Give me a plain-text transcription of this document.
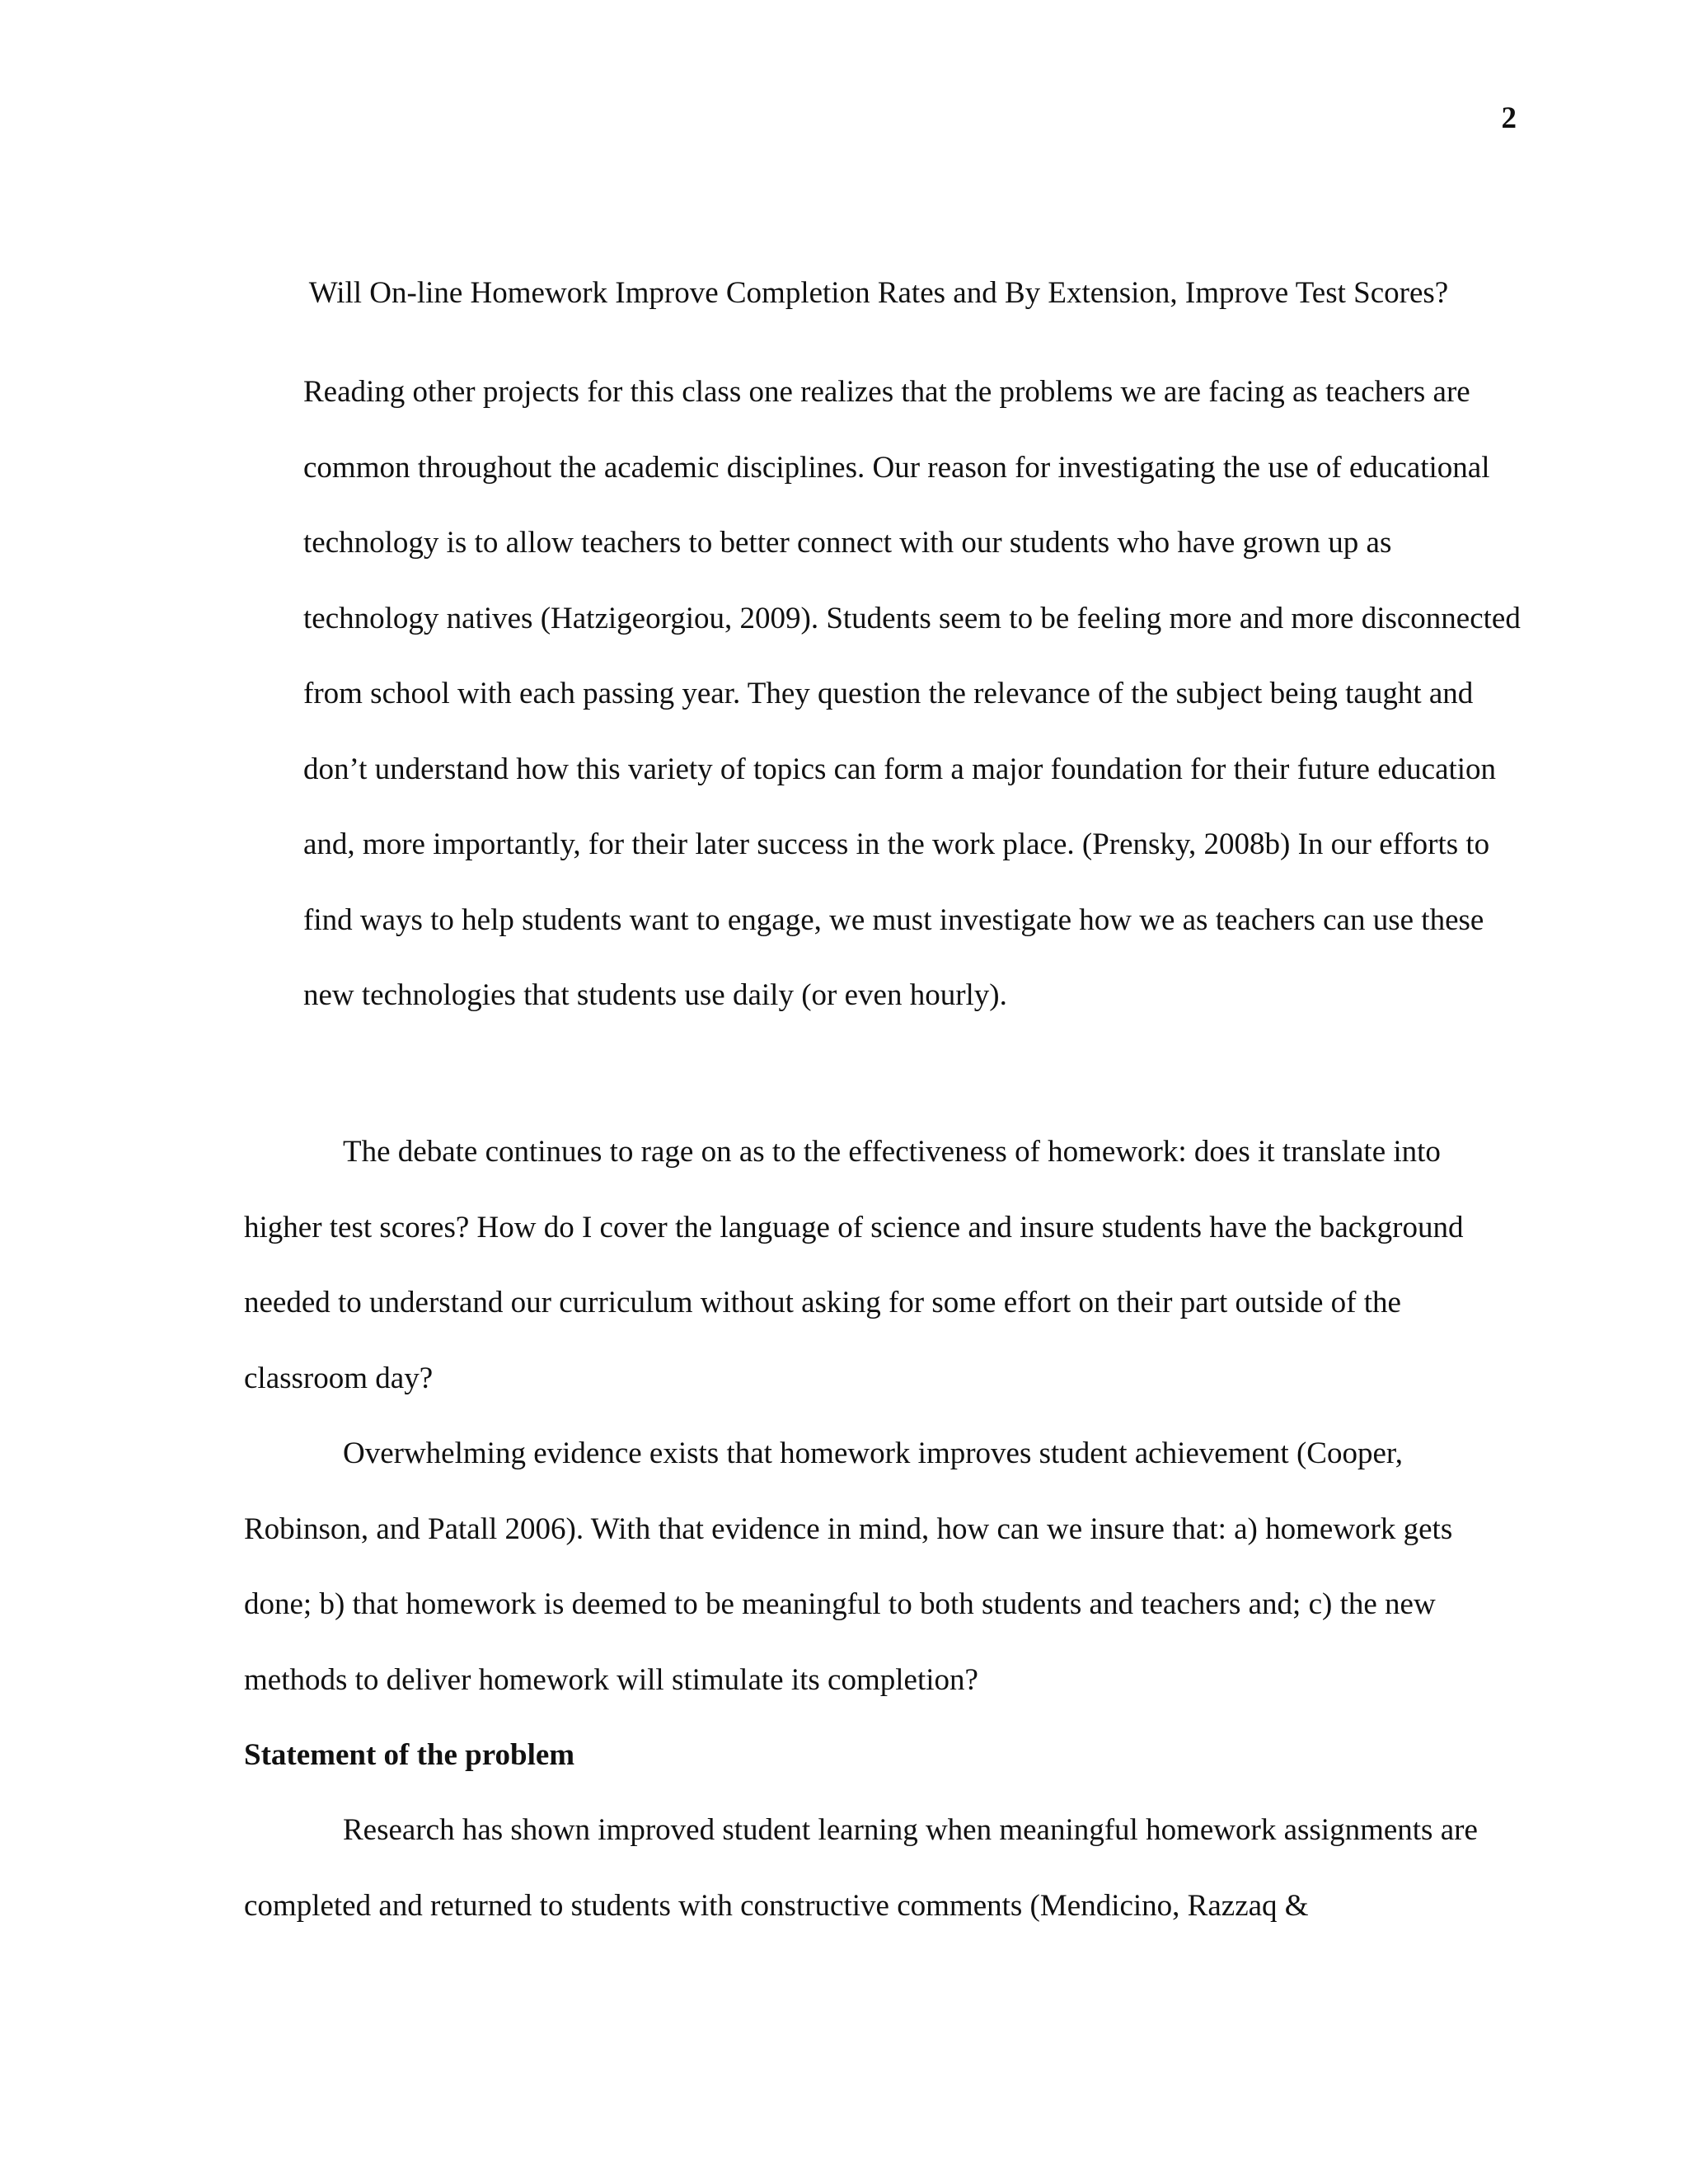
2
Will On-line Homework Improve Completion Rates and By Extension, Improve Test Scores?

Reading other projects for this class one realizes that the problems we are facing as teachers are common throughout the academic disciplines. Our reason for investigating the use of educational technology is to allow teachers to better connect with our students who have grown up as technology natives (Hatzigeorgiou, 2009). Students seem to be feeling more and more disconnected from school with each passing year. They question the relevance of the subject being taught and don’t understand how this variety of topics can form a major foundation for their future education and, more importantly, for their later success in the work place. (Prensky, 2008b) In our efforts to find ways to help students want to engage, we must investigate how we as teachers can use these new technologies that students use daily (or even hourly).

The debate continues to rage on as to the effectiveness of homework: does it translate into higher test scores? How do I cover the language of science and insure students have the background needed to understand our curriculum without asking for some effort on their part outside of the classroom day?

Overwhelming evidence exists that homework improves student achievement (Cooper, Robinson, and Patall 2006). With that evidence in mind, how can we insure that: a) homework gets done; b) that homework is deemed to be meaningful to both students and teachers and; c) the new methods to deliver homework will stimulate its completion?

Statement of the problem

Research has shown improved student learning when meaningful homework assignments are completed and returned to students with constructive comments (Mendicino, Razzaq &
